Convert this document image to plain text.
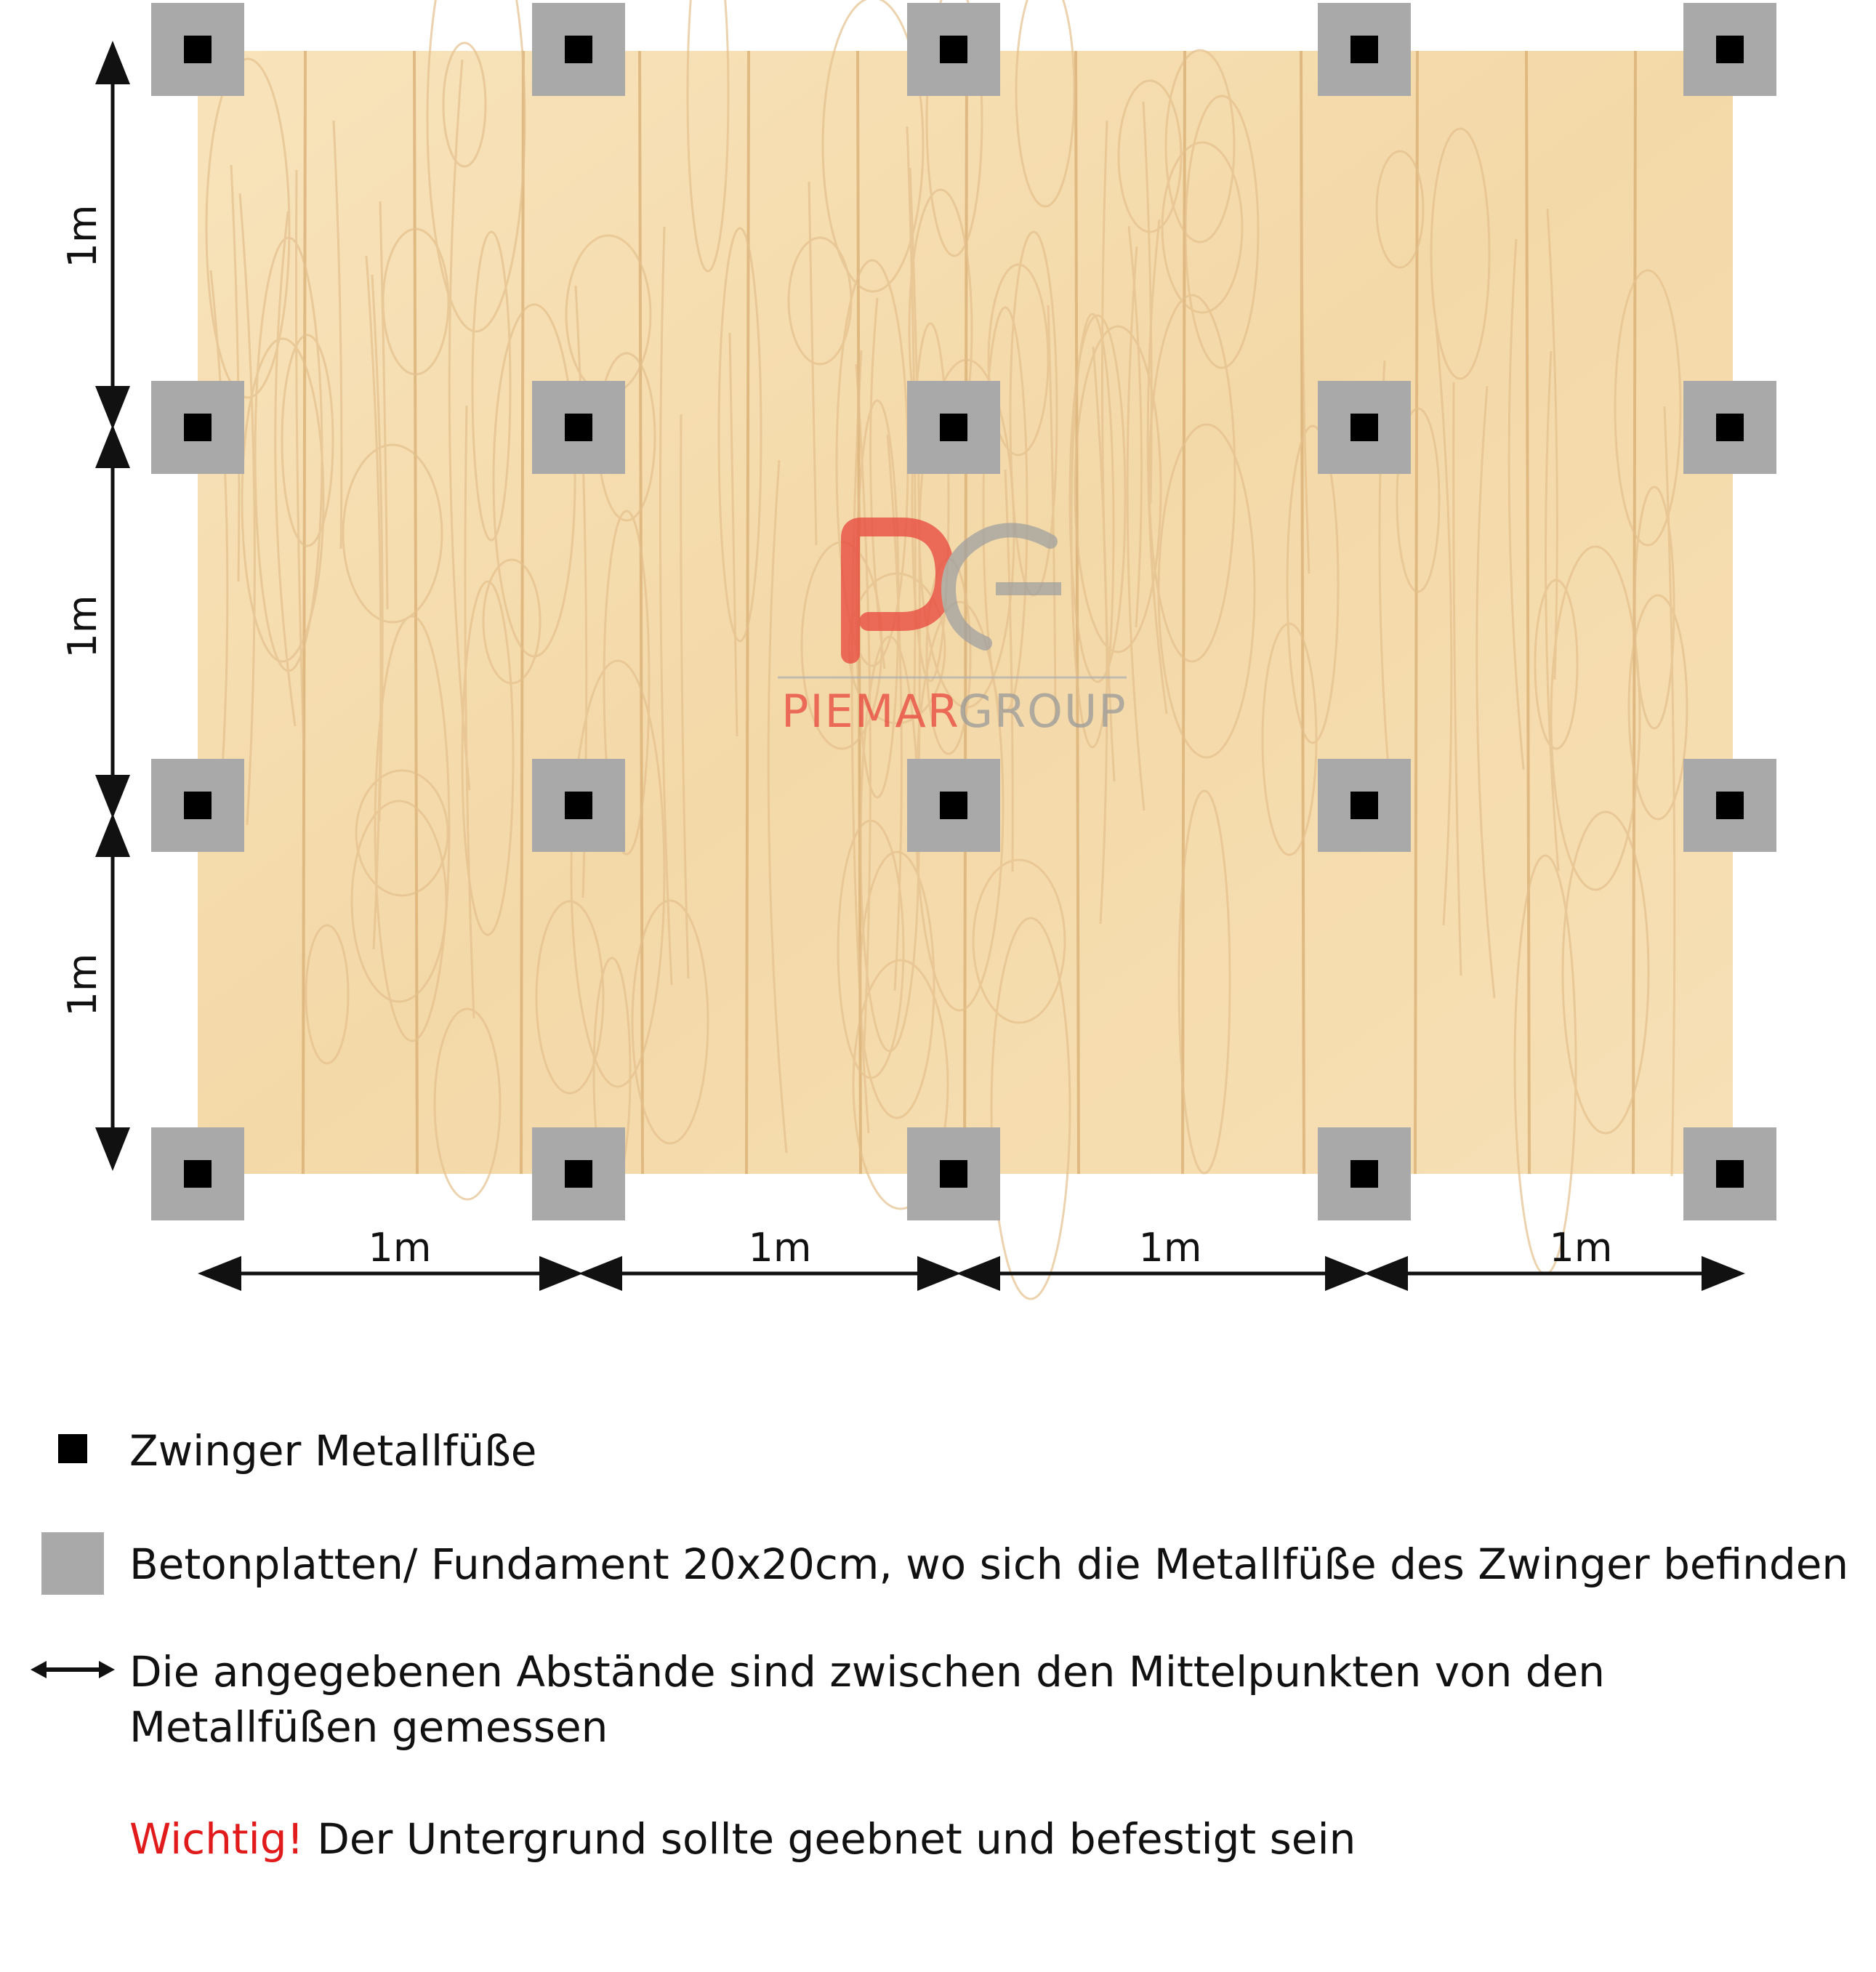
PIEMAR
GROUP
1m
1m
1m
1m	1m	1m	1m
Zwinger Metallfüße
Betonplatten/ Fundament 20x20cm, wo sich die Metallfüße des Zwinger befinden
Die angegebenen Abstände sind zwischen den Mittelpunkten von den Metallfüßen gemessen
Wichtig! Der Untergrund sollte geebnet und befestigt sein
